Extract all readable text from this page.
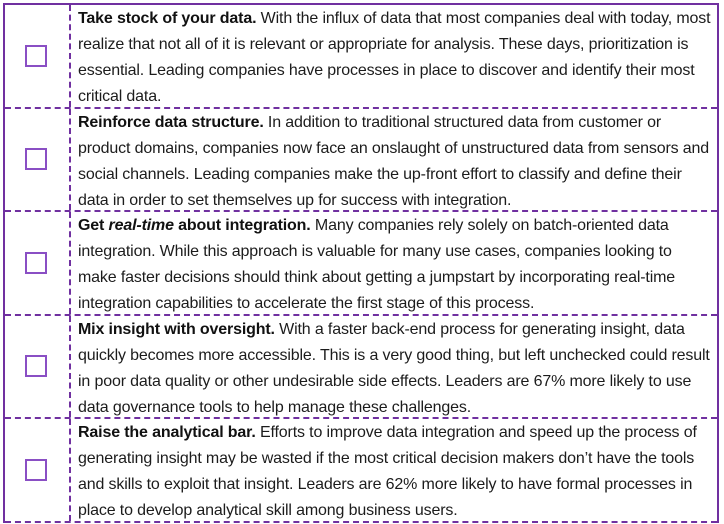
Take stock of your data. With the influx of data that most companies deal with today, most realize that not all of it is relevant or appropriate for analysis. These days, prioritization is essential. Leading companies have processes in place to discover and identify their most critical data.
Reinforce data structure. In addition to traditional structured data from customer or product domains, companies now face an onslaught of unstructured data from sensors and social channels. Leading companies make the up-front effort to classify and define their data in order to set themselves up for success with integration.
Get real-time about integration. Many companies rely solely on batch-oriented data integration. While this approach is valuable for many use cases, companies looking to make faster decisions should think about getting a jumpstart by incorporating real-time integration capabilities to accelerate the first stage of this process.
Mix insight with oversight. With a faster back-end process for generating insight, data quickly becomes more accessible. This is a very good thing, but left unchecked could result in poor data quality or other undesirable side effects. Leaders are 67% more likely to use data governance tools to help manage these challenges.
Raise the analytical bar. Efforts to improve data integration and speed up the process of generating insight may be wasted if the most critical decision makers don’t have the tools and skills to exploit that insight. Leaders are 62% more likely to have formal processes in place to develop analytical skill among business users.
